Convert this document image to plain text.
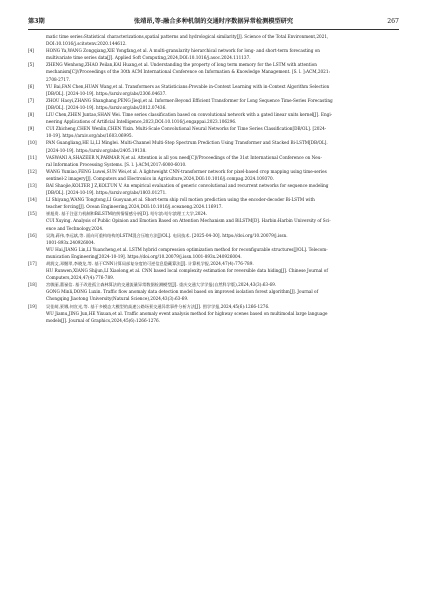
第3期	张靖昂,等:融合多种机制的交通时序数据异常检测模型研究	267
matic time series:Statistical characterizations,spatial patterns and hydrological similarity[J]. Science of the Total Environment,2021,
DOI:10.1016/j.scitotenv.2020.144612.
[4]	HONG Ya,WANG Zongqiang,XIE Yongfang,et al. A multi-granularity hierarchical network for long- and short-term forecasting on
multivariate time series data[J]. Applied Soft Computing,2024,DOI:10.1016/j.asoc.2024.111137.
[5]	ZHENG Wenhong,ZHAO Peilan,KAI Huang,et al. Understanding the property of long term memory for the LSTM with attention
mechanism[C]//Proceedings of the 30th ACM International Conference on Information & Knowledge Management. [S. l. ]:ACM,2021:
2708-2717.
[6]	YU Bai,FAN Chen,HUAN Wang,et al. Transformers as Statisticians:Provable in-Context Learning with in-Context Algorithm Selection
[DB/OL]. [2024-10-19]. https://arxiv.org/abs/2306.04637.
[7]	ZHOU Haoyi,ZHANG Shanghang,PENG Jieqi,et al. Informer:Beyond Efficient Transformer for Long Sequence Time-Series Forecasting
[DB/OL]. [2024-10-19]. https://arxiv.org/abs/2012.07436.
[8]	LIU Chen,ZHEN Juntao,SHAN Wei. Time series classification based on convolutional network with a gated linear units kernel[J]. Engi-
neering Applications of Artificial Intelligence,2023,DOI:10.1016/j.engappai.2023.106296.
[9]	CUI Zhicheng,CHEN Wenlin,CHEN Yixin. Multi-Scale Convolutional Neural Networks for Time Series Classification[DB/OL]. [2024-
10-19]. https://arxiv.org/abs/1603.06995.
[10] PAN Guangliang,HE Li,LI Minglei. Multi-Channel Multi-Step Spectrum Prediction Using Transformer and Stacked Bi-LSTM[DB/OL].
[2024-10-19]. https://arxiv.org/abs/2405.19138.
[11] VASWANI A,SHAZEER N,PARMAR N,et al. Attention is all you need[C]//Proceedings of the 31st International Conference on Neu-
ral Information Processing Systems. [S. l. ]:ACM,2017:6000-6010.
[12] WANG Yumiao,FENG Luwei,SUN Wei,et al. A lightweight CNN-transformer network for pixel-based crop mapping using time-series
sentinel-2 imagery[J]. Computers and Electronics in Agriculture,2024,DOI:10.1016/j.compag.2024.109370.
[13] BAI Shaojie,KOLTER J Z,KOLTUN V. An empirical evaluation of generic convolutional and recurrent networks for sequence modeling
[DB/OL]. [2024-10-19]. https://arxiv.org/abs/1803.01271.
[14] LI Shiyang,WANG Tongtong,LI Guoyuan,et al. Short-term ship roll motion prediction using the encoder-decoder Bi-LSTM with
teacher forcing[J]. Ocean Engineering,2024,DOI:10.1016/j.oceaneng.2024.116917.
[15] 崔旭贵. 基于注意力机制和BiLSTM的舆情情感分析[D]. 哈尔滨:哈尔滨理工大学,2024.
CUI Xuying. Analysis of Public Opinion and Emotion Based on Attention Mechanism and BiLSTM[D]. Harbin:Harbin University of Sci-
ence and Technology,2024.
[16] 吴海,蒋伟,李远斌,等. 面向可重构结构的LSTM混合压缩方法[J/OL]. 电讯技术. [2025-04-30]. https://doi.org/10.20079/j.issn.
1001-893x.240926004.
WU Hai,JIANG Lin,LI Yuancheng,et al. LSTM hybrid compression optimization method for reconfigurable structures[J/OL]. Telecom-
munication Engineering[2024-10-19]. https://doi.org/10.20079/j.issn.1001-893x.240926004.
[17] 胡润文,邓继翠,李晓龙,等. 基于CNN计算局部复杂度的可逆信息隐藏算法[J]. 计算机学报,2024,47(4):776-789.
HU Runwen,XIANG Shijun,LI Xiaolong,et al. CNN based local complexity estimation for reversible data hiding[J]. Chinese Journal of
Computers,2024,47(4):776-789.
[18] 宫敏丽,董禄信. 基于改进孤立森林算法的交通流量异常数据检测模型[J]. 重庆交通大学学报(自然科学版),2024,43(3):63-69.
GONG Minli,DONG Luxin. Traffic flow anomaly data detection model based on improved isolation forest algorithm[J]. Journal of
Chongqing Jiaotong University(Natural Science),2024,43(3):63-69.
[19] 吴佳萌,景娜,何宣光,等. 基于多模态大模型的高速公路场景交通异常事件分析方法[J]. 图学学报,2024,45(6):1266-1276.
WU Jiamu,JING Jun,HE Yixuan,et al. Traffic anomaly event analysis method for highway scenes based on multimodal large language
models[J]. Journal of Graphics,2024,45(6):1266-1276.
